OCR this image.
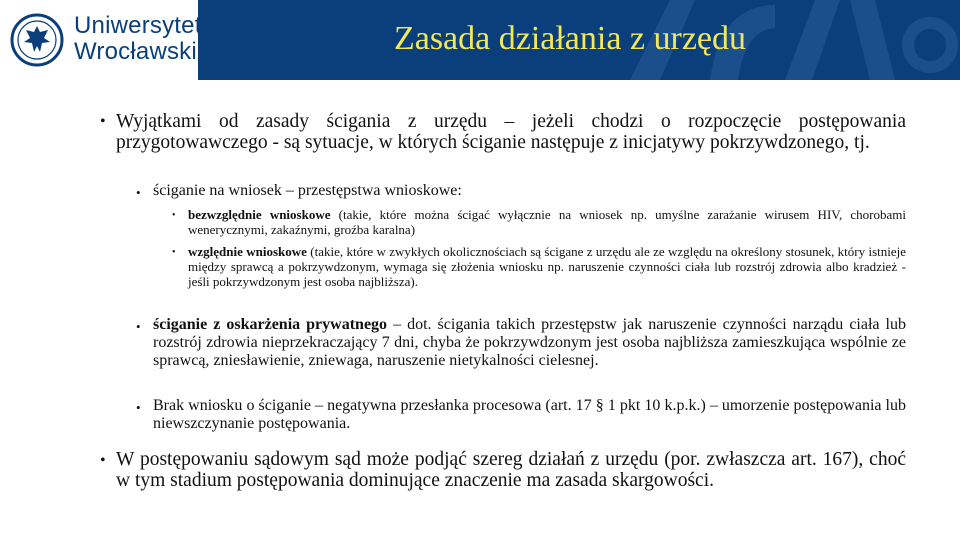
Uniwersytet
Wrocławski	Zasada działania z urzędu
• Wyjątkami od zasady ścigania z urzędu – jeżeli chodzi o rozpoczęcie postępowania przygotowawczego - są sytuacje, w których ściganie następuje z inicjatywy pokrzywdzonego, tj.
• ściganie na wniosek – przestępstwa wnioskowe:
• bezwzględnie wnioskowe (takie, które można ścigać wyłącznie na wniosek np. umyślne zarażanie wirusem HIV, chorobami wenerycznymi, zakaźnymi, groźba karalna)
• względnie wnioskowe (takie, które w zwykłych okolicznościach są ścigane z urzędu ale ze względu na określony stosunek, który istnieje między sprawcą a pokrzywdzonym, wymaga się złożenia wniosku np. naruszenie czynności ciała lub rozstrój zdrowia albo kradzież - jeśli pokrzywdzonym jest osoba najbliższa).
• ściganie z oskarżenia prywatnego – dot. ścigania takich przestępstw jak naruszenie czynności narządu ciała lub rozstrój zdrowia nieprzekraczający 7 dni, chyba że pokrzywdzonym jest osoba najbliższa zamieszkująca wspólnie ze sprawcą, zniesławienie, zniewaga, naruszenie nietykalności cielesnej.
• Brak wniosku o ściganie – negatywna przesłanka procesowa (art. 17 § 1 pkt 10 k.p.k.) – umorzenie postępowania lub niewszczynanie postępowania.
• W postępowaniu sądowym sąd może podjąć szereg działań z urzędu (por. zwłaszcza art. 167), choć w tym stadium postępowania dominujące znaczenie ma zasada skargowości.
